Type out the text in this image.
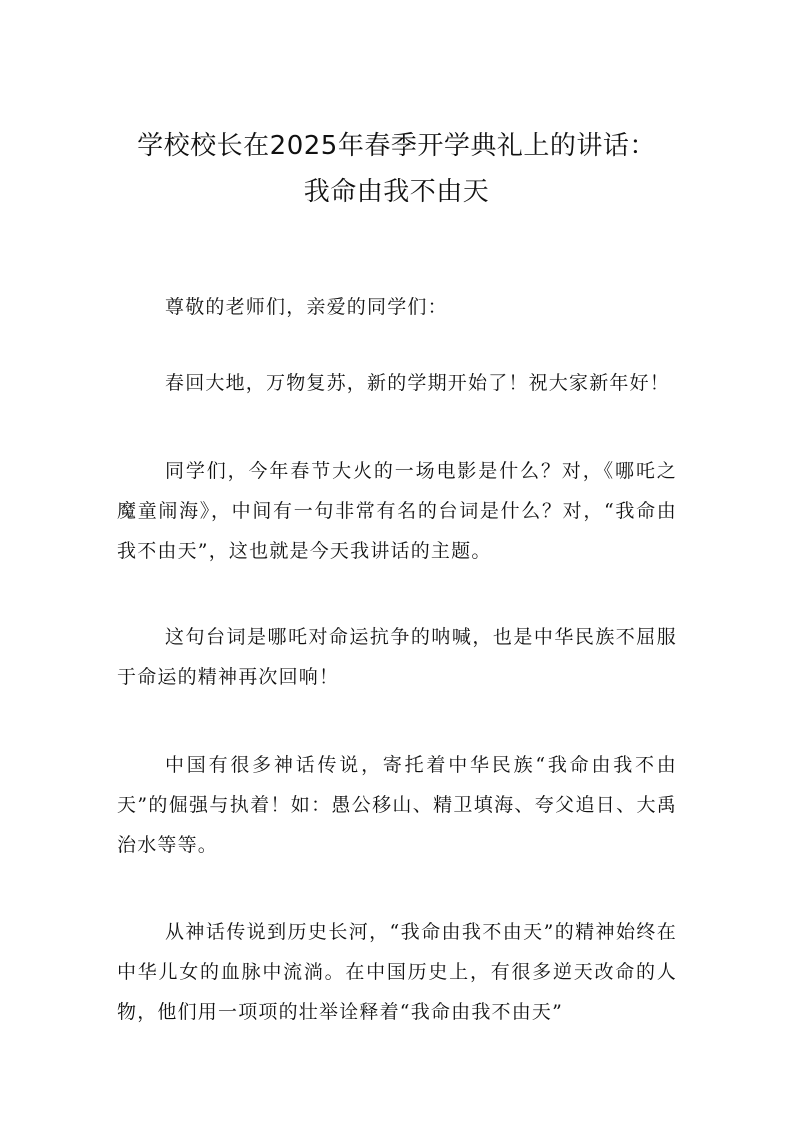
学校校长在2025年春季开学典礼上的讲话：
我命由我不由天

尊敬的老师们，亲爱的同学们：

春回大地，万物复苏，新的学期开始了！祝大家新年好！

同学们，今年春节大火的一场电影是什么？对，《哪吒之魔童闹海》，中间有一句非常有名的台词是什么？对，“我命由我不由天”，这也就是今天我讲话的主题。

这句台词是哪吒对命运抗争的呐喊，也是中华民族不屈服于命运的精神再次回响！

中国有很多神话传说，寄托着中华民族“我命由我不由天”的倔强与执着！如：愚公移山、精卫填海、夸父追日、大禹治水等等。

从神话传说到历史长河，“我命由我不由天”的精神始终在中华儿女的血脉中流淌。在中国历史上，有很多逆天改命的人物，他们用一项项的壮举诠释着“我命由我不由天”
